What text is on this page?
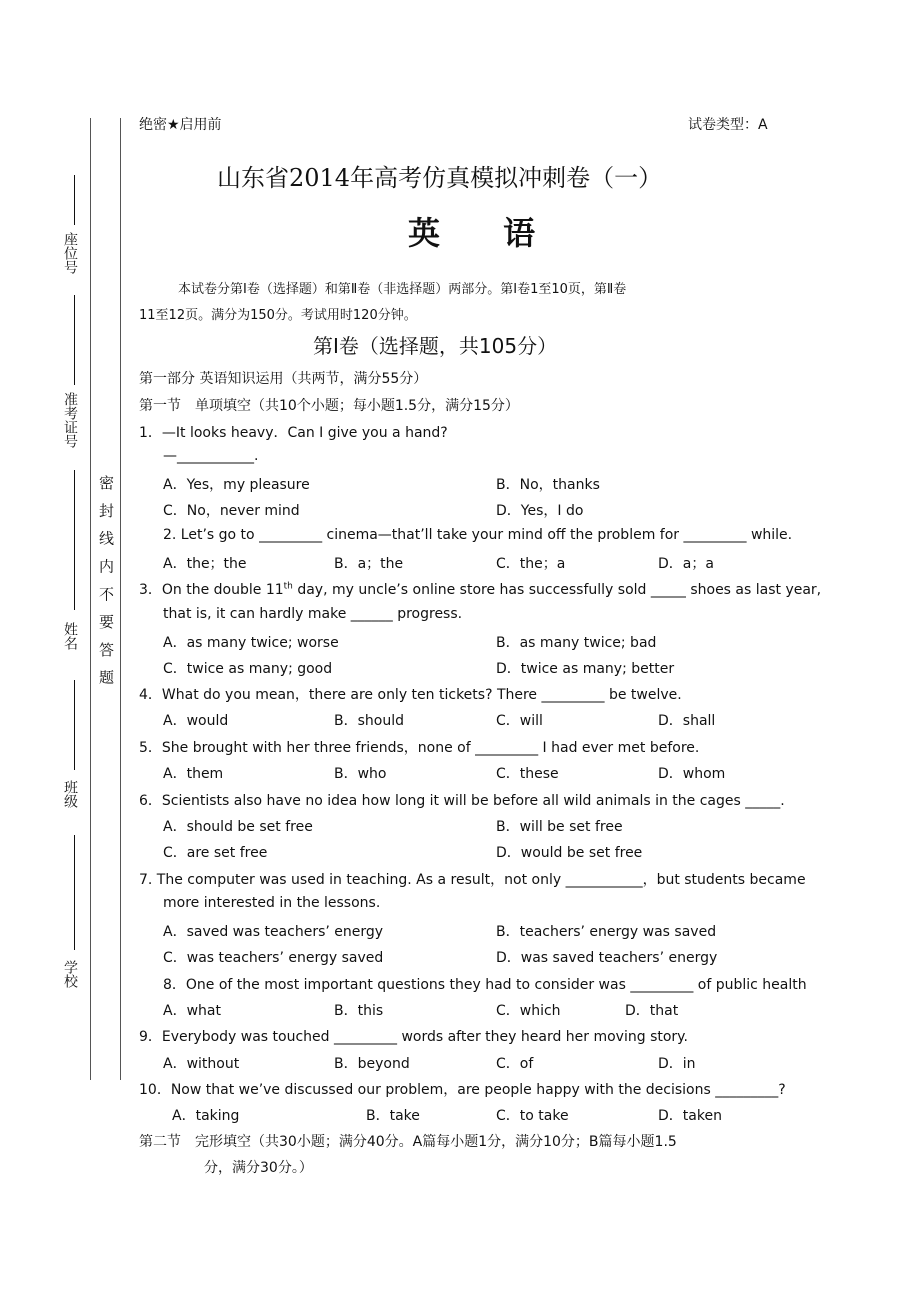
座位号
准考证号
姓名
班级
学校
密 封 线 内 不 要 答 题
绝密★启用前	试卷类型：A
山东省2014年高考仿真模拟冲刺卷（一）
英 语
本试卷分第Ⅰ卷（选择题）和第Ⅱ卷（非选择题）两部分。第Ⅰ卷1至10页，第Ⅱ卷
11至12页。满分为150分。考试用时120分钟。
第Ⅰ卷（选择题，共105分）
第一部分 英语知识运用（共两节，满分55分）
第一节　单项填空（共10个小题；每小题1.5分，满分15分）
1．—It looks heavy．Can I give you a hand?
—___________.
A．Yes，my pleasure	B．No，thanks
C．No，never mind	D．Yes，I do
2. Let’s go to _________ cinema—that’ll take your mind off the problem for _________ while.
A．the；the	B．a；the	C．the；a	D．a；a
3．On the double 11th day, my uncle’s online store has successfully sold _____ shoes as last year,
that is, it can hardly make ______ progress.
A．as many twice; worse	B．as many twice; bad
C．twice as many; good	D．twice as many; better
4．What do you mean，there are only ten tickets? There _________ be twelve.
A．would	B．should	C．will	D．shall
5．She brought with her three friends，none of _________ I had ever met before.
A．them	B．who	C．these	D．whom
6．Scientists also have no idea how long it will be before all wild animals in the cages _____.
A．should be set free	B．will be set free
C．are set free	D．would be set free
7. The computer was used in teaching. As a result，not only ___________，but students became
more interested in the lessons.
A．saved was teachers’ energy	B．teachers’ energy was saved
C．was teachers’ energy saved	D．was saved teachers’ energy
8．One of the most important questions they had to consider was _________ of public health
A．what	B．this	C．which	D．that
9．Everybody was touched _________ words after they heard her moving story.
A．without	B．beyond	C．of	D．in
10．Now that we’ve discussed our problem，are people happy with the decisions _________?
A．taking	B．take	C．to take	D．taken
第二节　完形填空（共30小题；满分40分。A篇每小题1分，满分10分；B篇每小题1.5
分，满分30分。）
